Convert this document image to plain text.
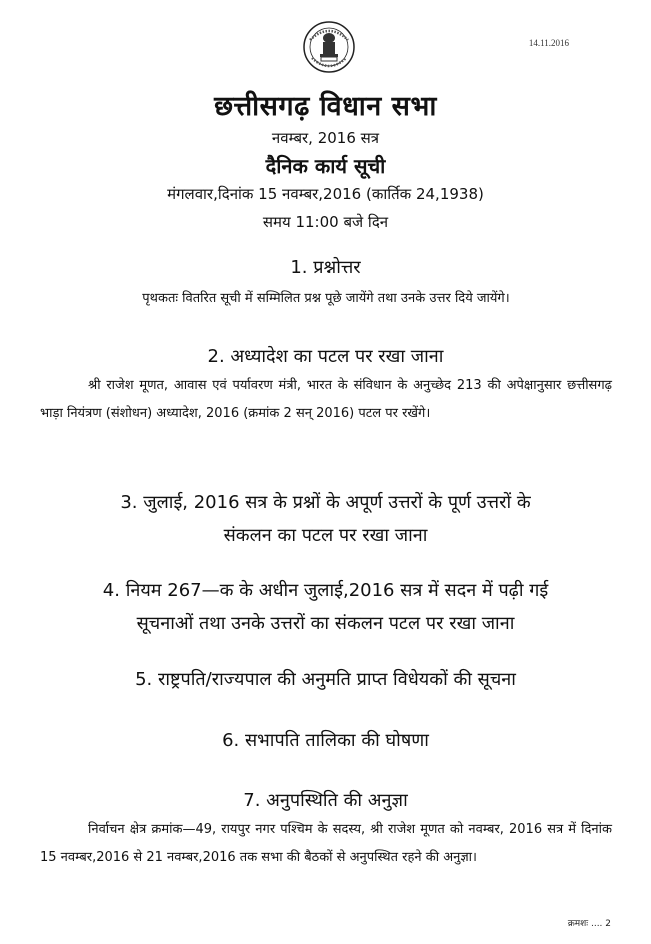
14.11.2016
छत्तीसगढ़ विधान सभा
नवम्बर, 2016 सत्र
दैनिक कार्य सूची
मंगलवार,दिनांक 15 नवम्बर,2016 (कार्तिक 24,1938)
समय 11:00 बजे दिन
1. प्रश्नोत्तर
पृथकतः वितरित सूची में सम्मिलित प्रश्न पूछे जायेंगे तथा उनके उत्तर दिये जायेंगे।
2. अध्यादेश का पटल पर रखा जाना
श्री राजेश मूणत, आवास एवं पर्यावरण मंत्री, भारत के संविधान के अनुच्छेद 213 की अपेक्षानुसार छत्तीसगढ़ भाड़ा नियंत्रण (संशोधन) अध्यादेश, 2016 (क्रमांक 2 सन् 2016) पटल पर रखेंगे।
3. जुलाई, 2016 सत्र के प्रश्नों के अपूर्ण उत्तरों के पूर्ण उत्तरों के
संकलन का पटल पर रखा जाना
4. नियम 267—क के अधीन जुलाई,2016 सत्र में सदन में पढ़ी गई
सूचनाओं तथा उनके उत्तरों का संकलन पटल पर रखा जाना
5. राष्ट्रपति/राज्यपाल की अनुमति प्राप्त विधेयकों की सूचना
6. सभापति तालिका की घोषणा
7. अनुपस्थिति की अनुज्ञा
निर्वाचन क्षेत्र क्रमांक—49, रायपुर नगर पश्चिम के सदस्य, श्री राजेश मूणत को नवम्बर, 2016 सत्र में दिनांक 15 नवम्बर,2016 से 21 नवम्बर,2016 तक सभा की बैठकों से अनुपस्थित रहने की अनुज्ञा।
क्रमशः .... 2
